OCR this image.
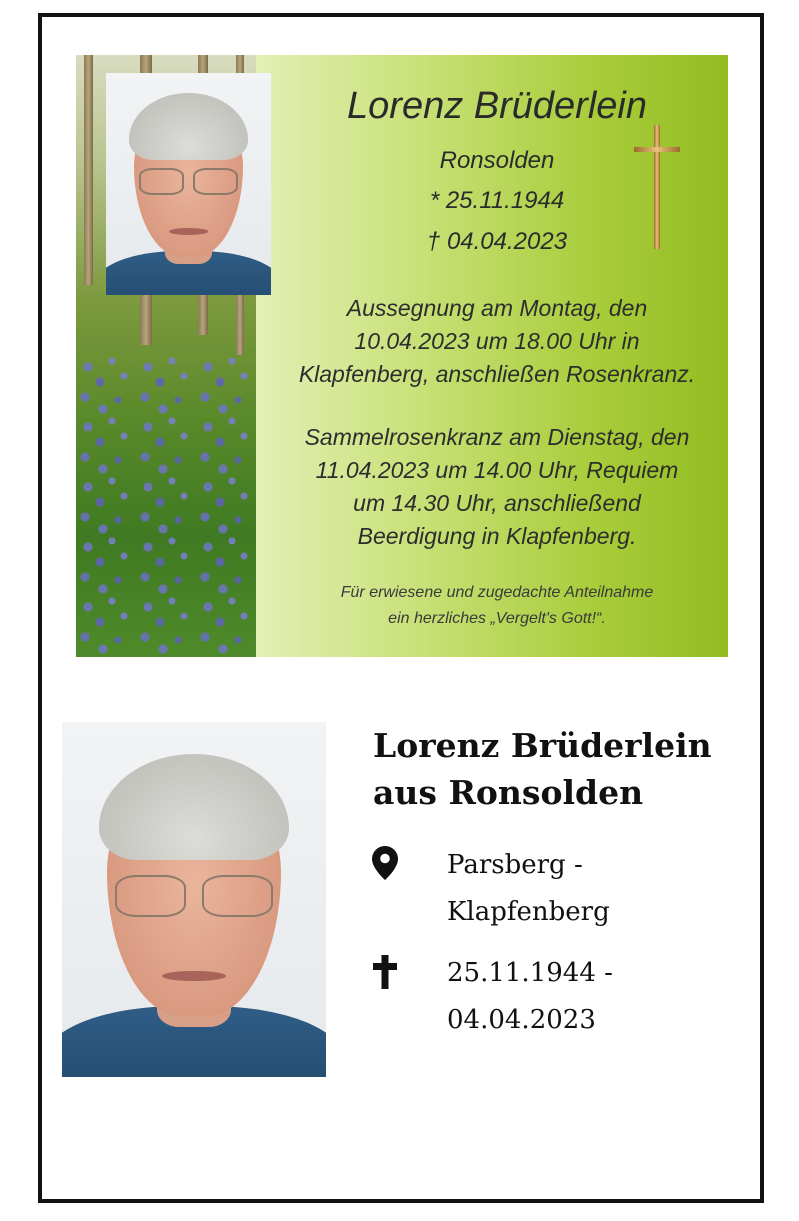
Lorenz Brüderlein
Ronsolden
* 25.11.1944
† 04.04.2023
Aussegnung am Montag, den
10.04.2023 um 18.00 Uhr in
Klapfenberg, anschließen Rosenkranz.
Sammelrosenkranz am Dienstag, den
11.04.2023 um 14.00 Uhr, Requiem
um 14.30 Uhr, anschließend
Beerdigung in Klapfenberg.
Für erwiesene und zugedachte Anteilnahme
ein herzliches „Vergelt's Gott!“.
Lorenz Brüderlein
aus Ronsolden
Parsberg -
Klapfenberg
25.11.1944 -
04.04.2023
